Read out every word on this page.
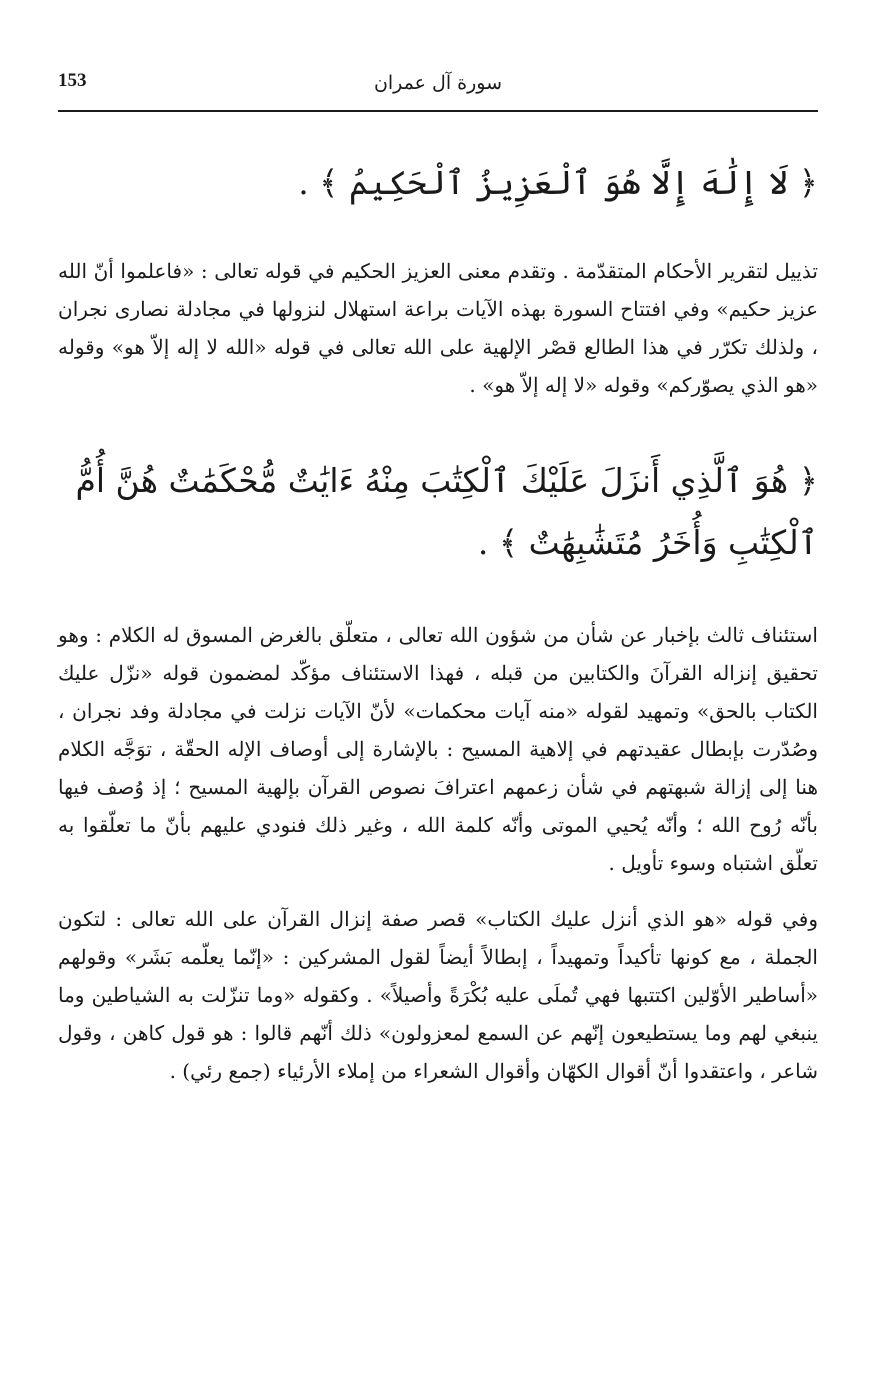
153	سورة آل عمران

﴿ لَا إِلَٰهَ إِلَّا هُوَ ٱلْعَزِيزُ ٱلْحَكِيمُ ﴾ .

تذييل لتقرير الأحكام المتقدّمة . وتقدم معنى العزيز الحكيم في قوله تعالى : «فاعلموا أنّ الله عزيز حكيم» وفي افتتاح السورة بهذه الآيات براعة استهلال لنزولها في مجادلة نصارى نجران ، ولذلك تكرّر في هذا الطالع قصْر الإلهية على الله تعالى في قوله «الله لا إله إلاّ هو» وقوله «هو الذي يصوّركم» وقوله «لا إله إلاّ هو» .

﴿ هُوَ ٱلَّذِي أَنزَلَ عَلَيْكَ ٱلْكِتَٰبَ مِنْهُ ءَايَٰتٌ مُّحْكَمَٰتٌ هُنَّ أُمُّ ٱلْكِتَٰبِ وَأُخَرُ مُتَشَٰبِهَٰتٌ ﴾ .

استئناف ثالث بإخبار عن شأن من شؤون الله تعالى ، متعلّق بالغرض المسوق له الكلام : وهو تحقيق إنزاله القرآنَ والكتابين من قبله ، فهذا الاستئناف مؤكّد لمضمون قوله «نزّل عليك الكتاب بالحق» وتمهيد لقوله «منه آيات محكمات» لأنّ الآيات نزلت في مجادلة وفد نجران ، وصُدّرت بإبطال عقيدتهم في إلاهية المسيح : بالإشارة إلى أوصاف الإله الحقّة ، توَجَّه الكلام هنا إلى إزالة شبهتهم في شأن زعمهم اعترافَ نصوص القرآن بإلهية المسيح ؛ إذ وُصف فيها بأنّه رُوح الله ؛ وأنّه يُحيي الموتى وأنّه كلمة الله ، وغير ذلك فنودي عليهم بأنّ ما تعلّقوا به تعلّق اشتباه وسوء تأويل .

وفي قوله «هو الذي أنزل عليك الكتاب» قصر صفة إنزال القرآن على الله تعالى : لتكون الجملة ، مع كونها تأكيداً وتمهيداً ، إبطالاً أيضاً لقول المشركين : «إنّما يعلّمه بَشَر» وقولهم «أساطير الأوّلين اكتتبها فهي تُملَى عليه بُكْرَةً وأصيلاً» . وكقوله «وما تنزّلت به الشياطين وما ينبغي لهم وما يستطيعون إنّهم عن السمع لمعزولون» ذلك أنّهم قالوا : هو قول كاهن ، وقول شاعر ، واعتقدوا أنّ أقوال الكهّان وأقوال الشعراء من إملاء الأرئياء (جمع رئي) .
